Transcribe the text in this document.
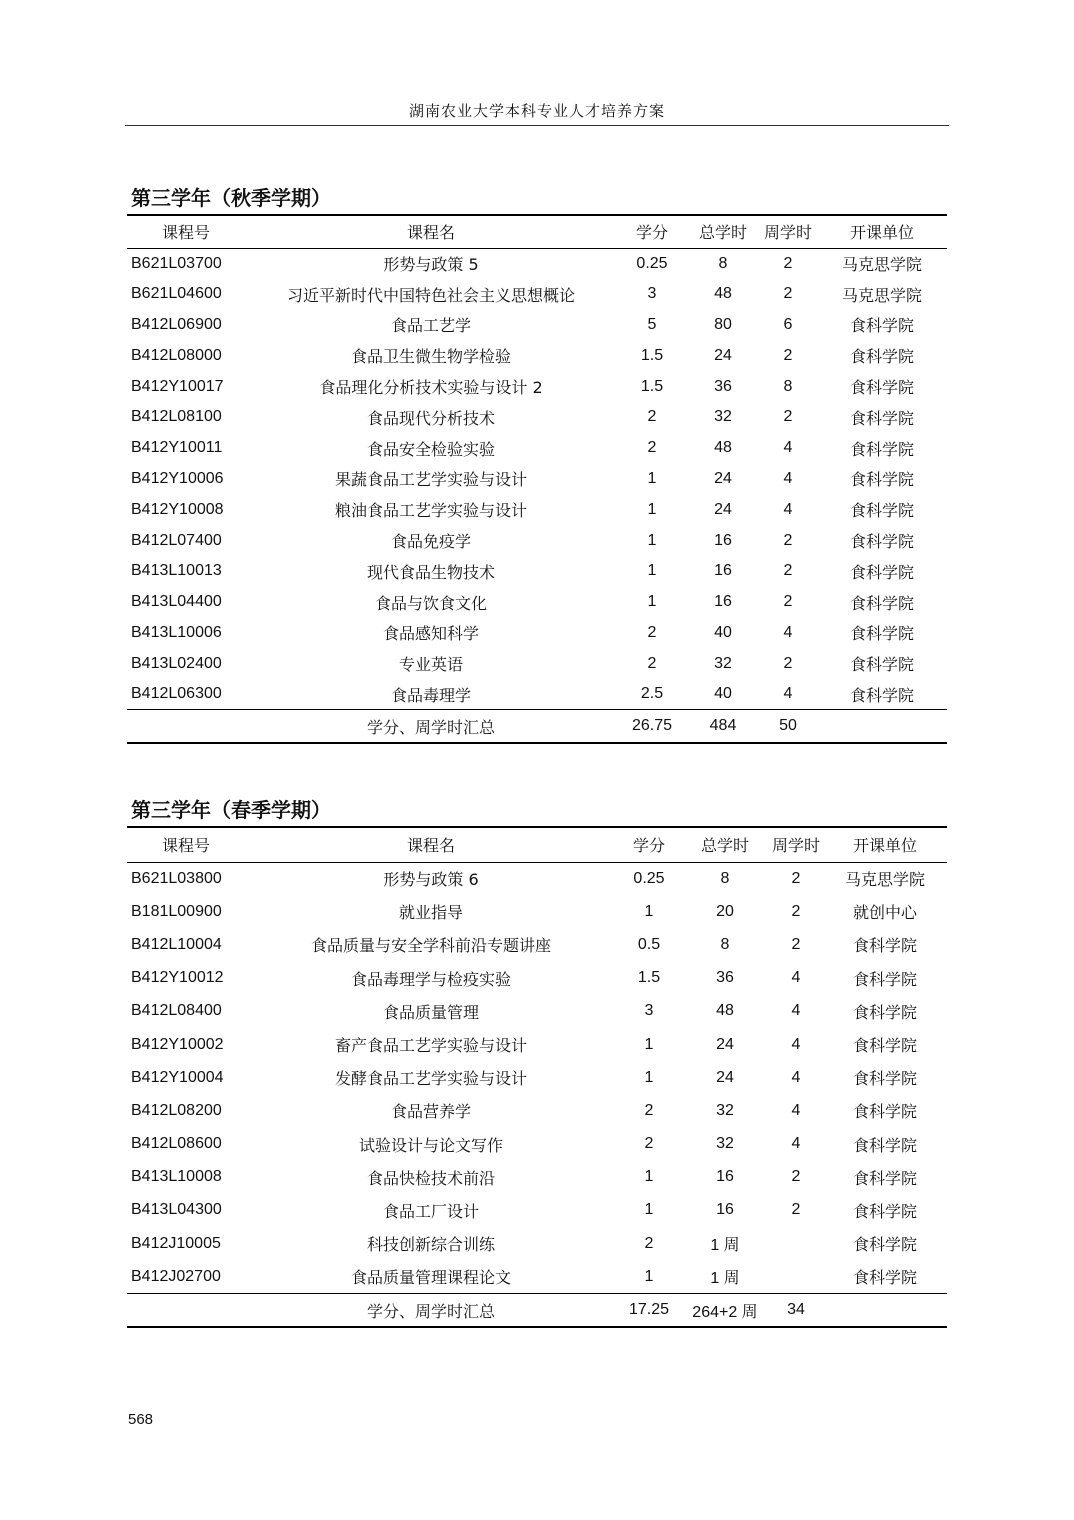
湖南农业大学本科专业人才培养方案
第三学年（秋季学期）
课程号	课程名	学分	总学时	周学时	开课单位
B621L03700	形势与政策 5	0.25	8	2	马克思学院
B621L04600	习近平新时代中国特色社会主义思想概论	3	48	2	马克思学院
B412L06900	食品工艺学	5	80	6	食科学院
B412L08000	食品卫生微生物学检验	1.5	24	2	食科学院
B412Y10017	食品理化分析技术实验与设计 2	1.5	36	8	食科学院
B412L08100	食品现代分析技术	2	32	2	食科学院
B412Y10011	食品安全检验实验	2	48	4	食科学院
B412Y10006	果蔬食品工艺学实验与设计	1	24	4	食科学院
B412Y10008	粮油食品工艺学实验与设计	1	24	4	食科学院
B412L07400	食品免疫学	1	16	2	食科学院
B413L10013	现代食品生物技术	1	16	2	食科学院
B413L04400	食品与饮食文化	1	16	2	食科学院
B413L10006	食品感知科学	2	40	4	食科学院
B413L02400	专业英语	2	32	2	食科学院
B412L06300	食品毒理学	2.5	40	4	食科学院
	学分、周学时汇总	26.75	484	50	
第三学年（春季学期）
课程号	课程名	学分	总学时	周学时	开课单位
B621L03800	形势与政策 6	0.25	8	2	马克思学院
B181L00900	就业指导	1	20	2	就创中心
B412L10004	食品质量与安全学科前沿专题讲座	0.5	8	2	食科学院
B412Y10012	食品毒理学与检疫实验	1.5	36	4	食科学院
B412L08400	食品质量管理	3	48	4	食科学院
B412Y10002	畜产食品工艺学实验与设计	1	24	4	食科学院
B412Y10004	发酵食品工艺学实验与设计	1	24	4	食科学院
B412L08200	食品营养学	2	32	4	食科学院
B412L08600	试验设计与论文写作	2	32	4	食科学院
B413L10008	食品快检技术前沿	1	16	2	食科学院
B413L04300	食品工厂设计	1	16	2	食科学院
B412J10005	科技创新综合训练	2	1 周		食科学院
B412J02700	食品质量管理课程论文	1	1 周		食科学院
	学分、周学时汇总	17.25	264+2 周	34	
568
